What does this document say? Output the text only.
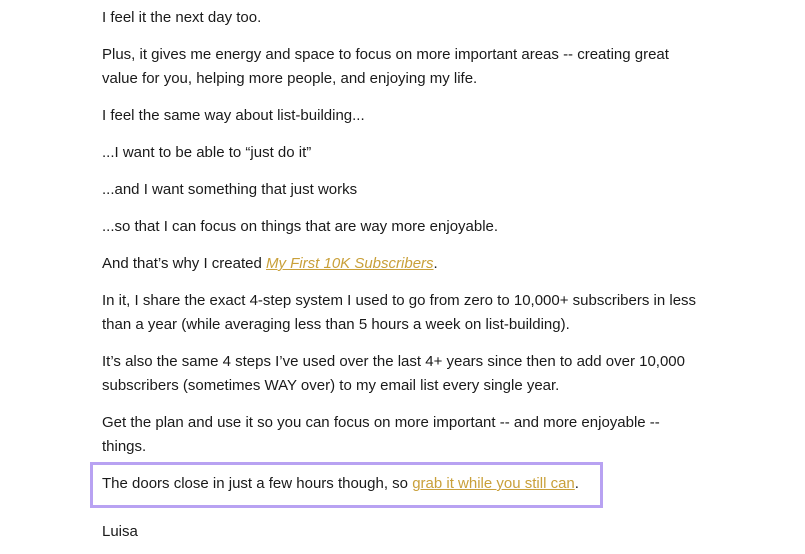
I feel it the next day too.

Plus, it gives me energy and space to focus on more important areas -- creating great value for you, helping more people, and enjoying my life.

I feel the same way about list-building...

...I want to be able to “just do it”

...and I want something that just works

...so that I can focus on things that are way more enjoyable.

And that’s why I created My First 10K Subscribers.

In it, I share the exact 4-step system I used to go from zero to 10,000+ subscribers in less than a year (while averaging less than 5 hours a week on list-building).

It’s also the same 4 steps I’ve used over the last 4+ years since then to add over 10,000 subscribers (sometimes WAY over) to my email list every single year.

Get the plan and use it so you can focus on more important -- and more enjoyable -- things.

The doors close in just a few hours though, so grab it while you still can.

Luisa
